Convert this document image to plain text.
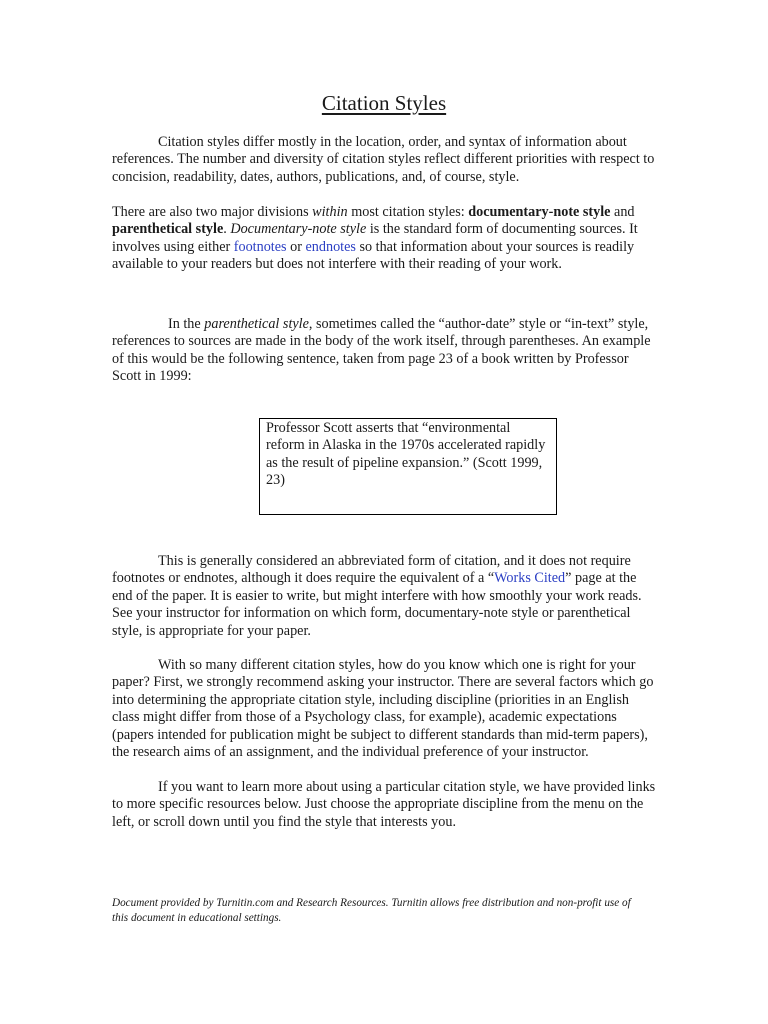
Citation Styles

Citation styles differ mostly in the location, order, and syntax of information about references. The number and diversity of citation styles reflect different priorities with respect to concision, readability, dates, authors, publications, and, of course, style.

There are also two major divisions within most citation styles: documentary-note style and parenthetical style. Documentary-note style is the standard form of documenting sources. It involves using either footnotes or endnotes so that information about your sources is readily available to your readers but does not interfere with their reading of your work.

In the parenthetical style, sometimes called the “author-date” style or “in-text” style, references to sources are made in the body of the work itself, through parentheses. An example of this would be the following sentence, taken from page 23 of a book written by Professor Scott in 1999:

Professor Scott asserts that “environmental reform in Alaska in the 1970s accelerated rapidly as the result of pipeline expansion.” (Scott 1999, 23)

This is generally considered an abbreviated form of citation, and it does not require footnotes or endnotes, although it does require the equivalent of a “Works Cited” page at the end of the paper. It is easier to write, but might interfere with how smoothly your work reads. See your instructor for information on which form, documentary-note style or parenthetical style, is appropriate for your paper.

With so many different citation styles, how do you know which one is right for your paper? First, we strongly recommend asking your instructor. There are several factors which go into determining the appropriate citation style, including discipline (priorities in an English class might differ from those of a Psychology class, for example), academic expectations (papers intended for publication might be subject to different standards than mid-term papers), the research aims of an assignment, and the individual preference of your instructor.

If you want to learn more about using a particular citation style, we have provided links to more specific resources below. Just choose the appropriate discipline from the menu on the left, or scroll down until you find the style that interests you.

Document provided by Turnitin.com and Research Resources. Turnitin allows free distribution and non-profit use of this document in educational settings.
